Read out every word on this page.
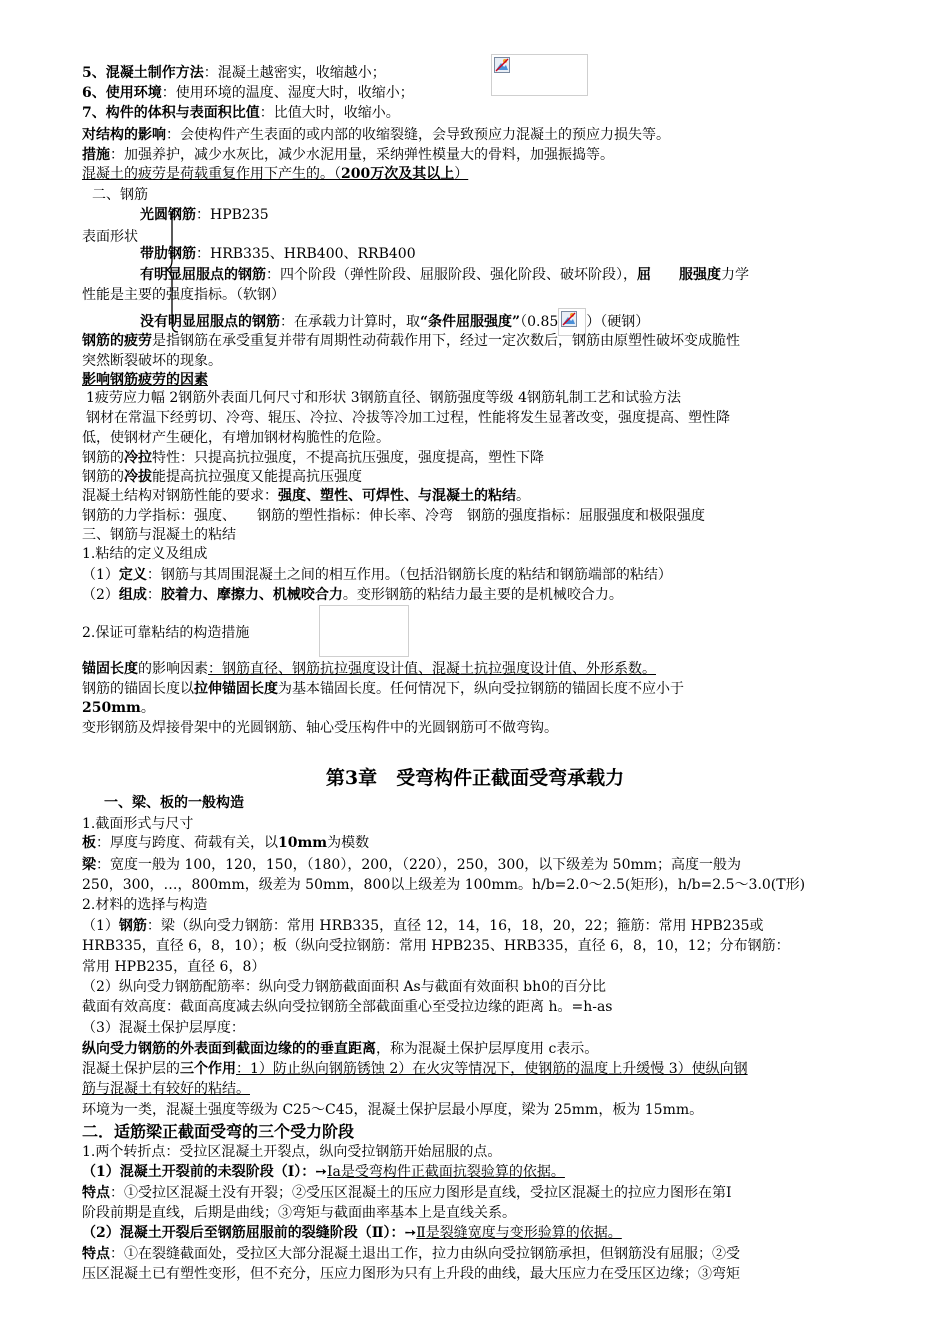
5、混凝土制作方法：混凝土越密实，收缩越小；
6、使用环境：使用环境的温度、湿度大时，收缩小；
7、构件的体积与表面积比值：比值大时，收缩小。
对结构的影响：会使构件产生表面的或内部的收缩裂缝，会导致预应力混凝土的预应力损失等。
措施：加强养护，减少水灰比，减少水泥用量，采纳弹性模量大的骨料，加强振捣等。
混凝土的疲劳是荷载重复作用下产生的。（200万次及其以上）
二、钢筋
光圆钢筋：HPB235
表面形状
带肋钢筋：HRB335、HRB400、RRB400
有明显屈服点的钢筋：四个阶段（弹性阶段、屈服阶段、强化阶段、破坏阶段），屈　　服强度力学
性能是主要的强度指标。（软钢）
没有明显屈服点的钢筋：在承载力计算时，取“条件屈服强度”（0.85 ）（硬钢）
钢筋的疲劳是指钢筋在承受重复并带有周期性动荷载作用下，经过一定次数后，钢筋由原塑性破坏变成脆性
突然断裂破坏的现象。
影响钢筋疲劳的因素
1疲劳应力幅 2钢筋外表面几何尺寸和形状 3钢筋直径、钢筋强度等级 4钢筋轧制工艺和试验方法
钢材在常温下经剪切、冷弯、辊压、冷拉、冷拔等冷加工过程，性能将发生显著改变，强度提高、塑性降
低，使钢材产生硬化，有增加钢材构脆性的危险。
钢筋的冷拉特性：只提高抗拉强度，不提高抗压强度，强度提高，塑性下降
钢筋的冷拔能提高抗拉强度又能提高抗压强度
混凝土结构对钢筋性能的要求：强度、塑性、可焊性、与混凝土的粘结。
钢筋的力学指标：强度、　　钢筋的塑性指标：伸长率、冷弯　钢筋的强度指标：屈服强度和极限强度
三、钢筋与混凝土的粘结
1.粘结的定义及组成
（1）定义：钢筋与其周围混凝土之间的相互作用。（包括沿钢筋长度的粘结和钢筋端部的粘结）
（2）组成：胶着力、摩擦力、机械咬合力。变形钢筋的粘结力最主要的是机械咬合力。
2.保证可靠粘结的构造措施
锚固长度的影响因素：钢筋直径、钢筋抗拉强度设计值、混凝土抗拉强度设计值、外形系数。
钢筋的锚固长度以拉伸锚固长度为基本锚固长度。任何情况下，纵向受拉钢筋的锚固长度不应小于
250mm。
变形钢筋及焊接骨架中的光圆钢筋、轴心受压构件中的光圆钢筋可不做弯钩。
第3章　受弯构件正截面受弯承载力
一、梁、板的一般构造
1.截面形式与尺寸
板：厚度与跨度、荷载有关，以10mm为模数
梁：宽度一般为 100，120，150，（180），200，（220），250，300，以下级差为 50mm；高度一般为
250，300，…，800mm，级差为 50mm，800以上级差为 100mm。h/b=2.0～2.5(矩形)，h/b=2.5～3.0(T形)
2.材料的选择与构造
（1）钢筋：梁（纵向受力钢筋：常用 HRB335，直径 12，14，16，18，20，22；箍筋：常用 HPB235或
HRB335，直径 6，8，10）；板（纵向受拉钢筋：常用 HPB235、HRB335，直径 6，8，10，12；分布钢筋：
常用 HPB235，直径 6，8）
（2）纵向受力钢筋配筋率：纵向受力钢筋截面面积 As与截面有效面积 bh0的百分比
截面有效高度：截面高度减去纵向受拉钢筋全部截面重心至受拉边缘的距离 h。=h-as
（3）混凝土保护层厚度：
纵向受力钢筋的外表面到截面边缘的的垂直距离，称为混凝土保护层厚度用 c表示。
混凝土保护层的三个作用：1）防止纵向钢筋锈蚀 2）在火灾等情况下，使钢筋的温度上升缓慢 3）使纵向钢
筋与混凝土有较好的粘结。
环境为一类，混凝土强度等级为 C25～C45，混凝土保护层最小厚度，梁为 25mm，板为 15mm。
二．适筋梁正截面受弯的三个受力阶段
1.两个转折点：受拉区混凝土开裂点，纵向受拉钢筋开始屈服的点。
（1）混凝土开裂前的未裂阶段（Ⅰ）：➙Ⅰa是受弯构件正截面抗裂验算的依据。
特点：①受拉区混凝土没有开裂；②受压区混凝土的压应力图形是直线，受拉区混凝土的拉应力图形在第Ⅰ
阶段前期是直线，后期是曲线；③弯矩与截面曲率基本上是直线关系。
（2）混凝土开裂后至钢筋屈服前的裂缝阶段（Ⅱ）：➙Ⅱ是裂缝宽度与变形验算的依据。
特点：①在裂缝截面处，受拉区大部分混凝土退出工作，拉力由纵向受拉钢筋承担，但钢筋没有屈服；②受
压区混凝土已有塑性变形，但不充分，压应力图形为只有上升段的曲线，最大压应力在受压区边缘；③弯矩
